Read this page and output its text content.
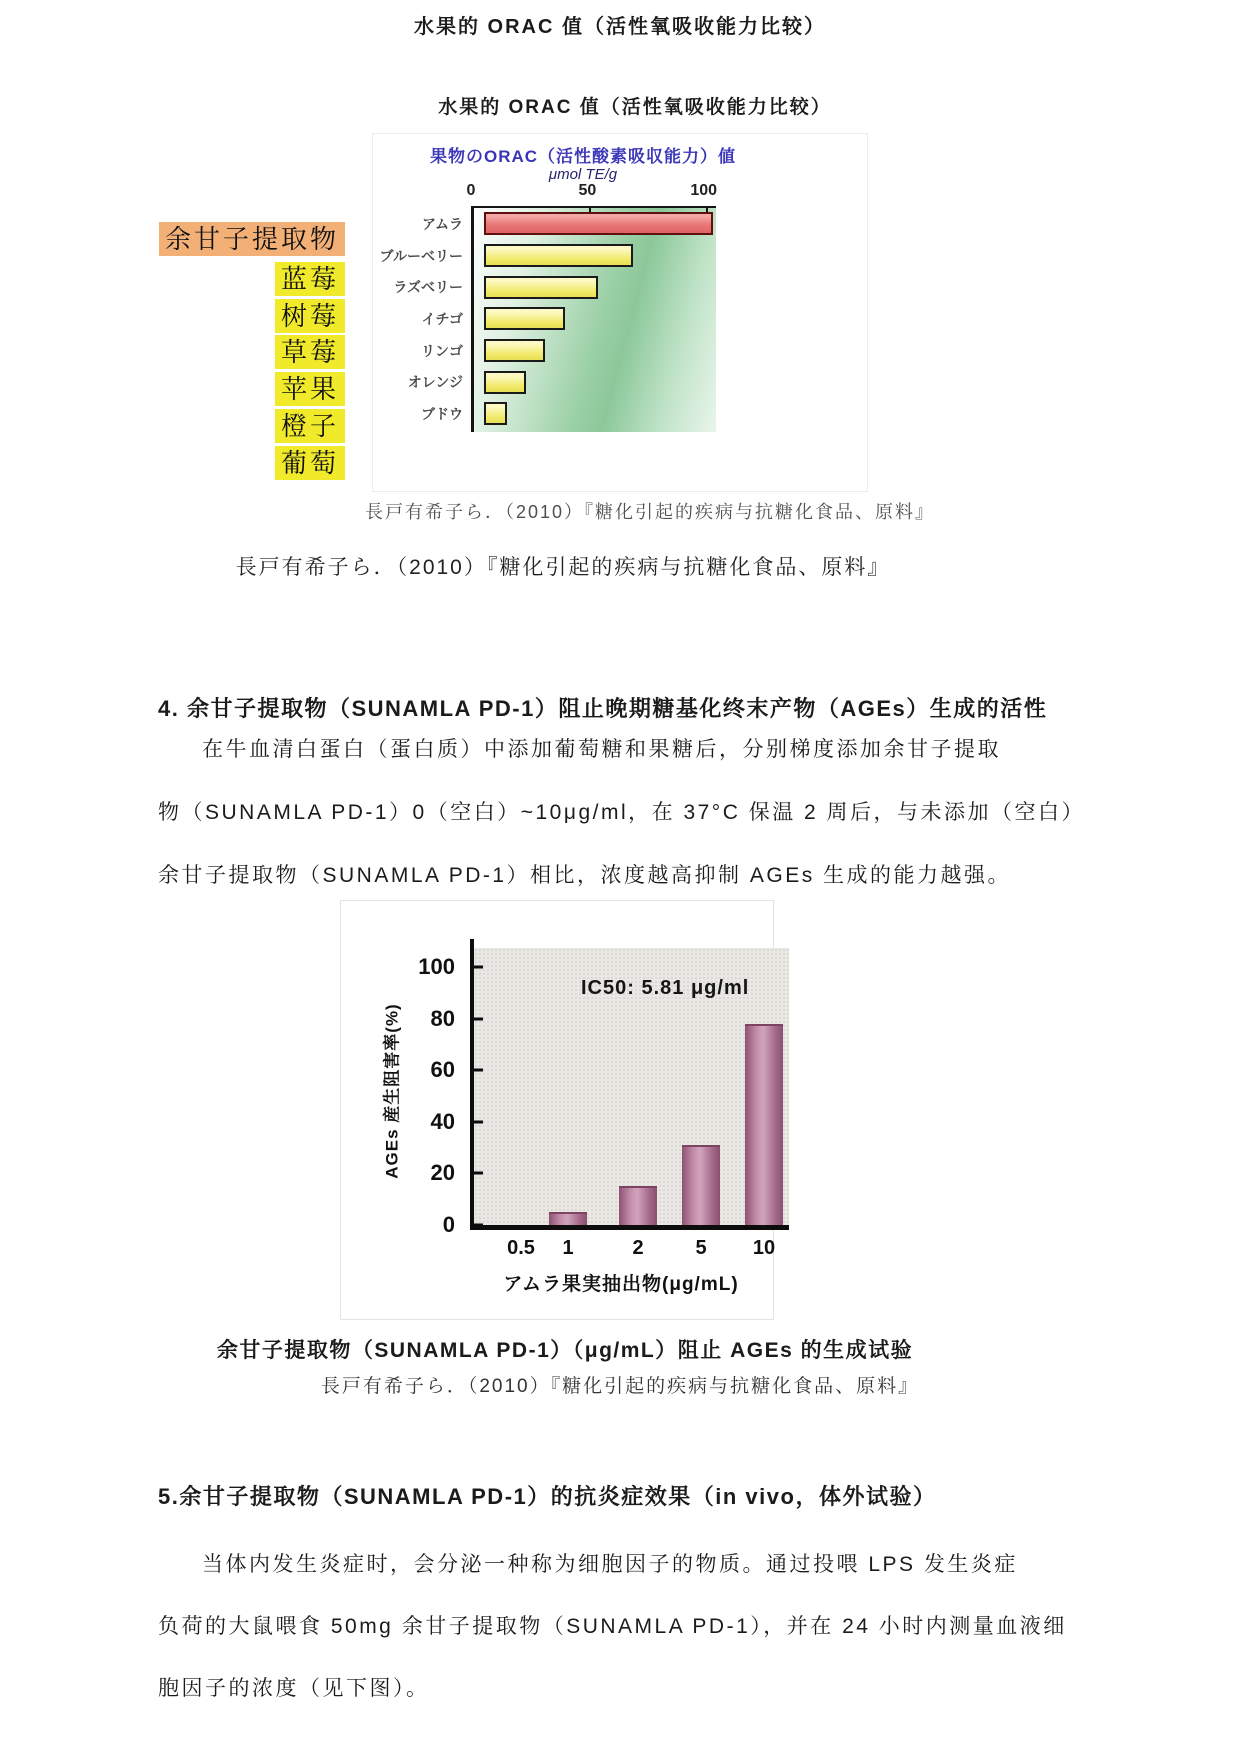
水果的 ORAC 值（活性氧吸收能力比较）
水果的 ORAC 值（活性氧吸收能力比较）
果物のORAC（活性酸素吸収能力）値
μmol TE/g
0	50	100
アムラ
ブルーベリー
ラズベリー
イチゴ
リンゴ
オレンジ
ブドウ
余甘子提取物
蓝莓
树莓
草莓
苹果
橙子
葡萄
長戸有希子ら．（2010）『糖化引起的疾病与抗糖化食品、原料』
長戸有希子ら．（2010）『糖化引起的疾病与抗糖化食品、原料』
4. 余甘子提取物（SUNAMLA PD-1）阻止晚期糖基化终末产物（AGEs）生成的活性
在牛血清白蛋白（蛋白质）中添加葡萄糖和果糖后，分别梯度添加余甘子提取
物（SUNAMLA PD-1）0（空白）~10μg/ml，在 37°C 保温 2 周后，与未添加（空白）
余甘子提取物（SUNAMLA PD-1）相比，浓度越高抑制 AGEs 生成的能力越强。
AGEs 産生阻害率(%)
IC50: 5.81 μg/ml
100
80
60
40
20
0
0.5 1	2	5 10
アムラ果実抽出物(μg/mL)
余甘子提取物（SUNAMLA PD-1）（μg/mL）阻止 AGEs 的生成试验
長戸有希子ら．（2010）『糖化引起的疾病与抗糖化食品、原料』
5.余甘子提取物（SUNAMLA PD-1）的抗炎症效果（in vivo，体外试验）
当体内发生炎症时，会分泌一种称为细胞因子的物质。通过投喂 LPS 发生炎症
负荷的大鼠喂食 50mg 余甘子提取物（SUNAMLA PD-1），并在 24 小时内测量血液细
胞因子的浓度（见下图）。
